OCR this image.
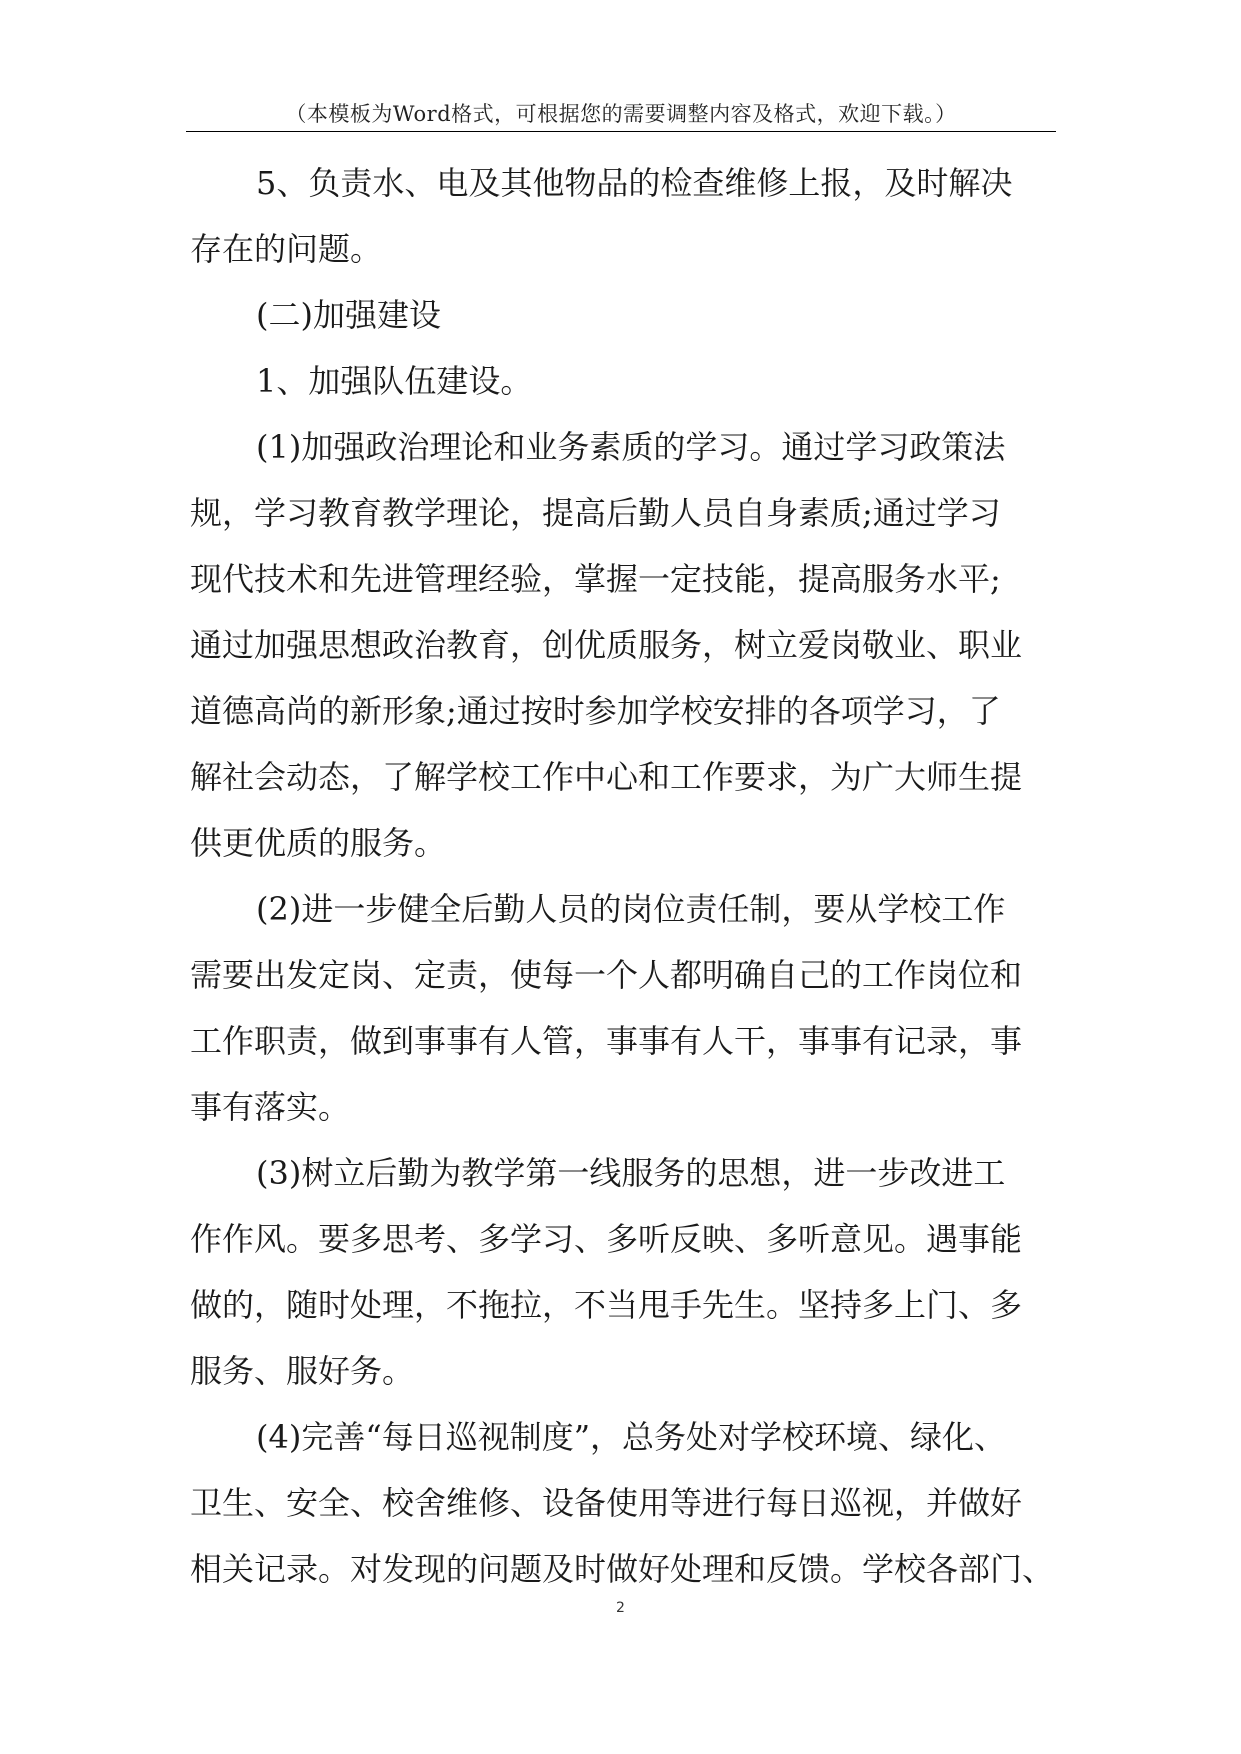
（本模板为Word格式，可根据您的需要调整内容及格式，欢迎下载。）
5、负责水、电及其他物品的检查维修上报，及时解决
存在的问题。
(二)加强建设
1、加强队伍建设。
(1)加强政治理论和业务素质的学习。通过学习政策法
规，学习教育教学理论，提高后勤人员自身素质;通过学习
现代技术和先进管理经验，掌握一定技能，提高服务水平;
通过加强思想政治教育，创优质服务，树立爱岗敬业、职业
道德高尚的新形象;通过按时参加学校安排的各项学习，了
解社会动态，了解学校工作中心和工作要求，为广大师生提
供更优质的服务。
(2)进一步健全后勤人员的岗位责任制，要从学校工作
需要出发定岗、定责，使每一个人都明确自己的工作岗位和
工作职责，做到事事有人管，事事有人干，事事有记录，事
事有落实。
(3)树立后勤为教学第一线服务的思想，进一步改进工
作作风。要多思考、多学习、多听反映、多听意见。遇事能
做的，随时处理，不拖拉，不当甩手先生。坚持多上门、多
服务、服好务。
(4)完善“每日巡视制度”，总务处对学校环境、绿化、
卫生、安全、校舍维修、设备使用等进行每日巡视，并做好
相关记录。对发现的问题及时做好处理和反馈。学校各部门、
2
